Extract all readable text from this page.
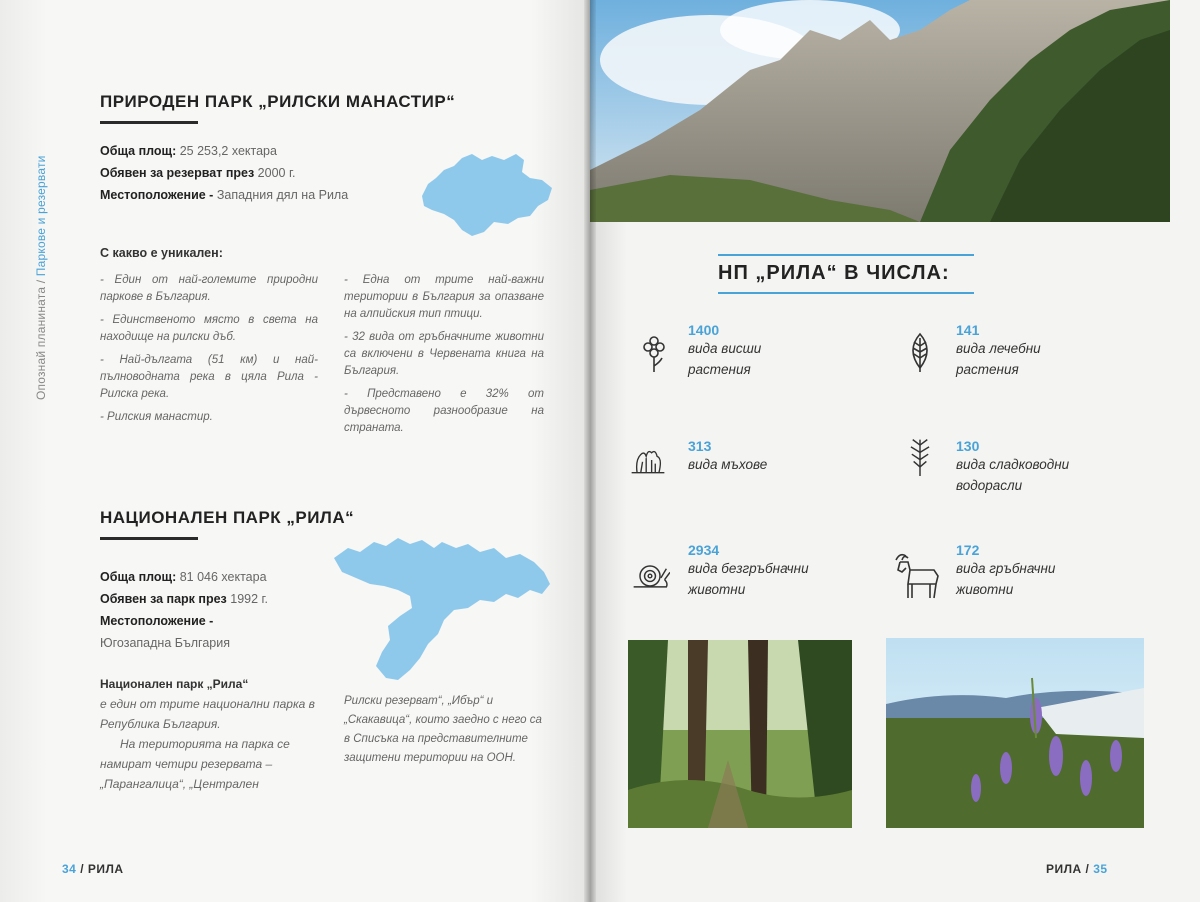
Опознай планината / Паркове и резервати
ПРИРОДЕН ПАРК „РИЛСКИ МАНАСТИР“
Обща площ: 25 253,2 хектара
Обявен за резерват през 2000 г.
Местоположение - Западния дял на Рила
С какво е уникален:

- Един от най-големите природни паркове в България.

- Единственото място в света на находище на рилски дъб.

- Най-дългата (51 км) и най-пълноводната река в цяла Рила - Рилска река.

- Рилския манастир.

- Една от трите най-важни територии в България за опазване на алпийския тип птици.

- 32 вида от гръбначните животни са включени в Червената книга на България.

- Представено е 32% от дървесното разнообразие на страната.

НАЦИОНАЛЕН ПАРК „РИЛА“
Обща площ: 81 046 хектара
Обявен за парк през 1992 г.
Местоположение -
Югозападна България
Национален парк „Рила“
е един от трите национални парка в Република България.
На територията на парка се намират четири резервата – „Парангалица“, „Централен
Рилски резерват“, „Ибър“ и „Скакавица“, които заедно с него са в Списъка на представителните защитени територии на ООН.
34 / РИЛА
НП „РИЛА“ В ЧИСЛА:
1400
вида висши растения
141
вида лечебни растения
313
вида мъхове
130
вида сладководни водорасли
2934
вида безгръбначни животни
172
вида гръбначни животни
РИЛА / 35
